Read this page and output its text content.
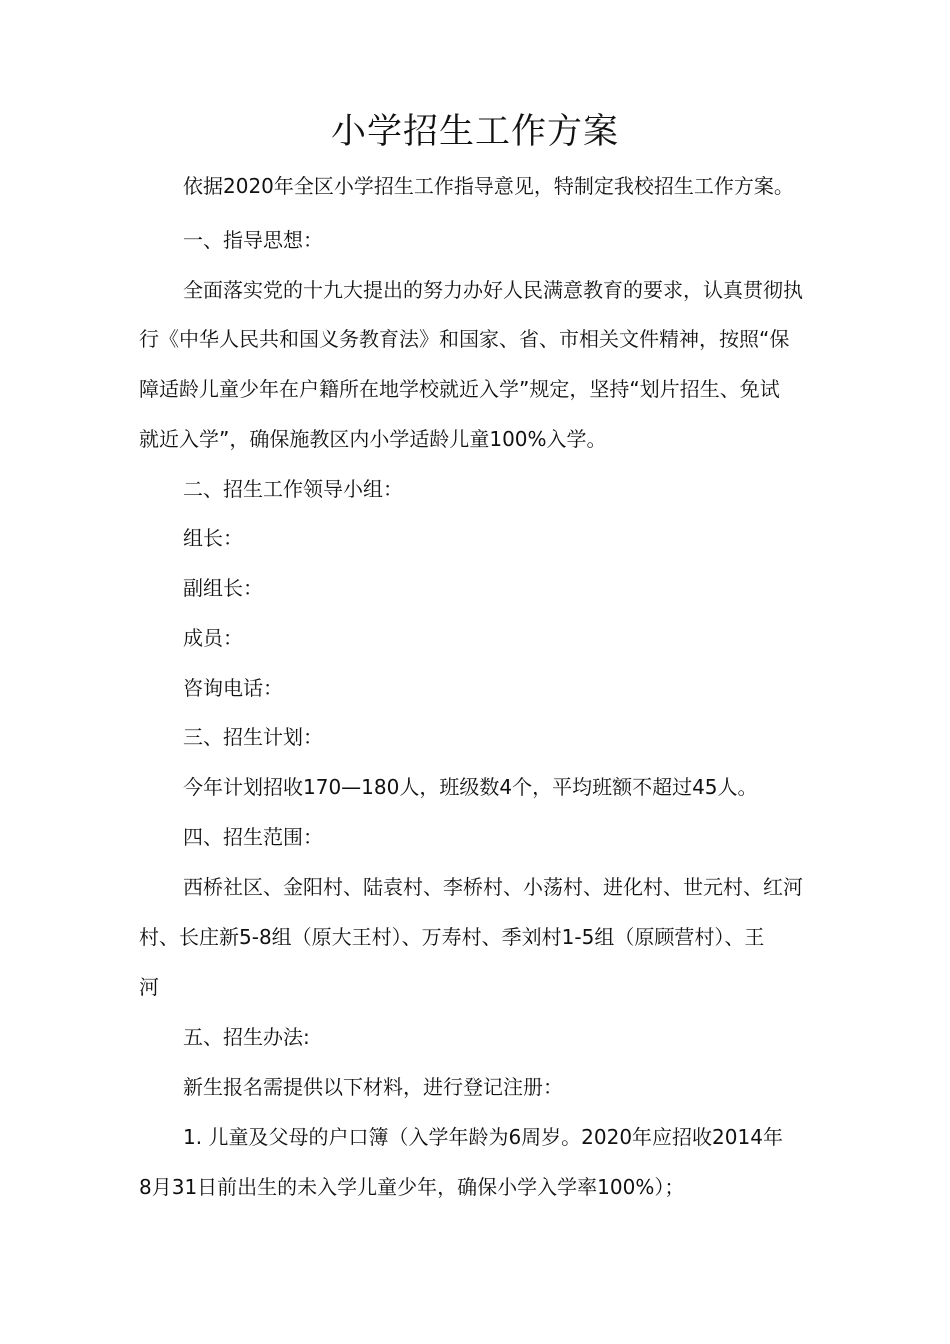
小学招生工作方案
依据2020年全区小学招生工作指导意见，特制定我校招生工作方案。
一、指导思想：
全面落实党的十九大提出的努力办好人民满意教育的要求，认真贯彻执
行《中华人民共和国义务教育法》和国家、省、市相关文件精神，按照“保
障适龄儿童少年在户籍所在地学校就近入学”规定，坚持“划片招生、免试
就近入学”，确保施教区内小学适龄儿童100%入学。
二、招生工作领导小组：
组长：
副组长：
成员：
咨询电话：
三、招生计划：
今年计划招收170—180人，班级数4个，平均班额不超过45人。
四、招生范围：
西桥社区、金阳村、陆袁村、李桥村、小荡村、进化村、世元村、红河
村、长庄新5-8组（原大王村）、万寿村、季刘村1-5组（原顾营村）、王
河
五、招生办法:
新生报名需提供以下材料，进行登记注册：
1. 儿童及父母的户口簿（入学年龄为6周岁。2020年应招收2014年
8月31日前出生的未入学儿童少年，确保小学入学率100%）；
